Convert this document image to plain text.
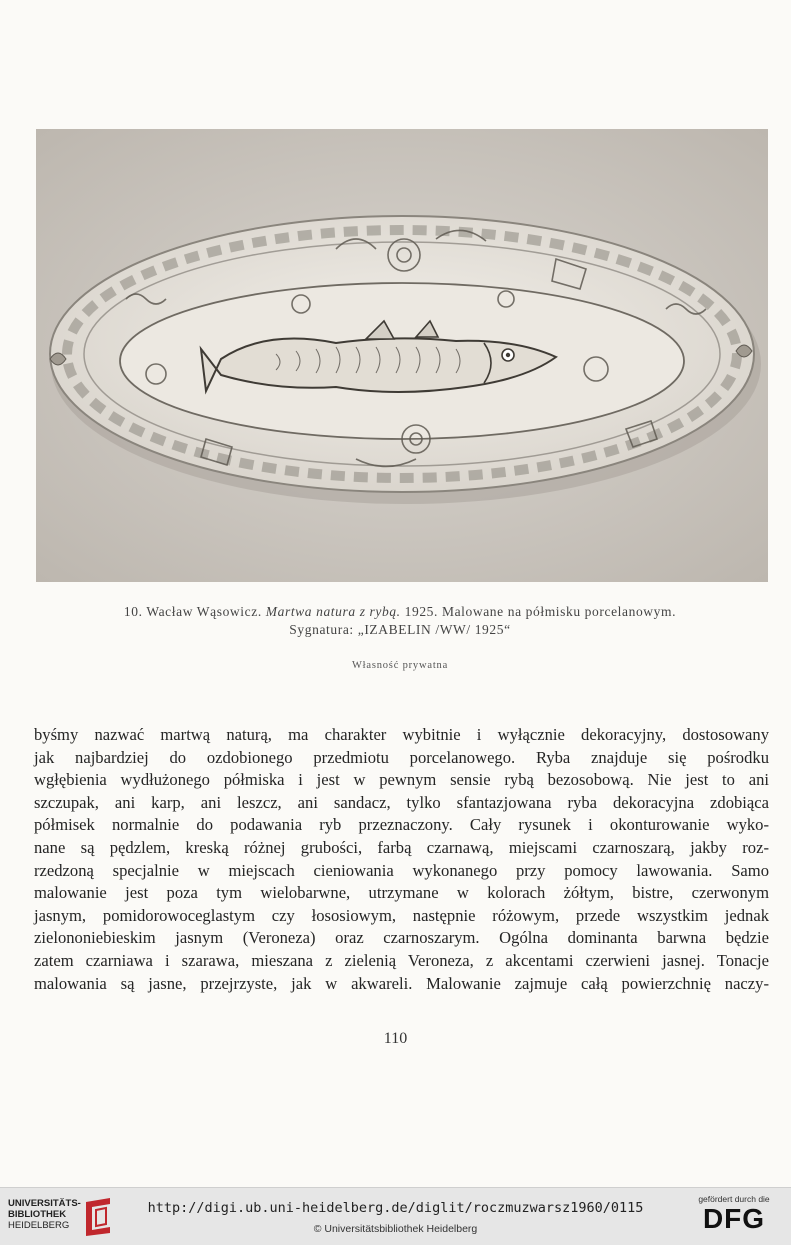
10. Wacław Wąsowicz. Martwa natura z rybą. 1925. Malowane na półmisku porcelanowym.
Sygnatura: „IZABELIN /WW/ 1925“
Własność prywatna
byśmy nazwać martwą naturą, ma charakter wybitnie i wyłącznie dekoracyjny, dostosowany
jak najbardziej do ozdobionego przedmiotu porcelanowego. Ryba znajduje się pośrodku
wgłębienia wydłużonego półmiska i jest w pewnym sensie rybą bezosobową. Nie jest to ani
szczupak, ani karp, ani leszcz, ani sandacz, tylko sfantazjowana ryba dekoracyjna zdobiąca
półmisek normalnie do podawania ryb przeznaczony. Cały rysunek i okonturowanie wyko-
nane są pędzlem, kreską różnej grubości, farbą czarnawą, miejscami czarnoszarą, jakby roz-
rzedzoną specjalnie w miejscach cieniowania wykonanego przy pomocy lawowania. Samo
malowanie jest poza tym wielobarwne, utrzymane w kolorach żółtym, bistre, czerwonym
jasnym, pomidorowoceglastym czy łososiowym, następnie różowym, przede wszystkim jednak
zielononiebieskim jasnym (Veroneza) oraz czarnoszarym. Ogólna dominanta barwna będzie
zatem czarniawa i szarawa, mieszana z zielenią Veroneza, z akcentami czerwieni jasnej. Tonacje
malowania są jasne, przejrzyste, jak w akwareli. Malowanie zajmuje całą powierzchnię naczy-
110
UNIVERSITÄTS-
BIBLIOTHEK
HEIDELBERG
http://digi.ub.uni-heidelberg.de/diglit/roczmuzwarsz1960/0115
© Universitätsbibliothek Heidelberg
gefördert durch die
DFG
